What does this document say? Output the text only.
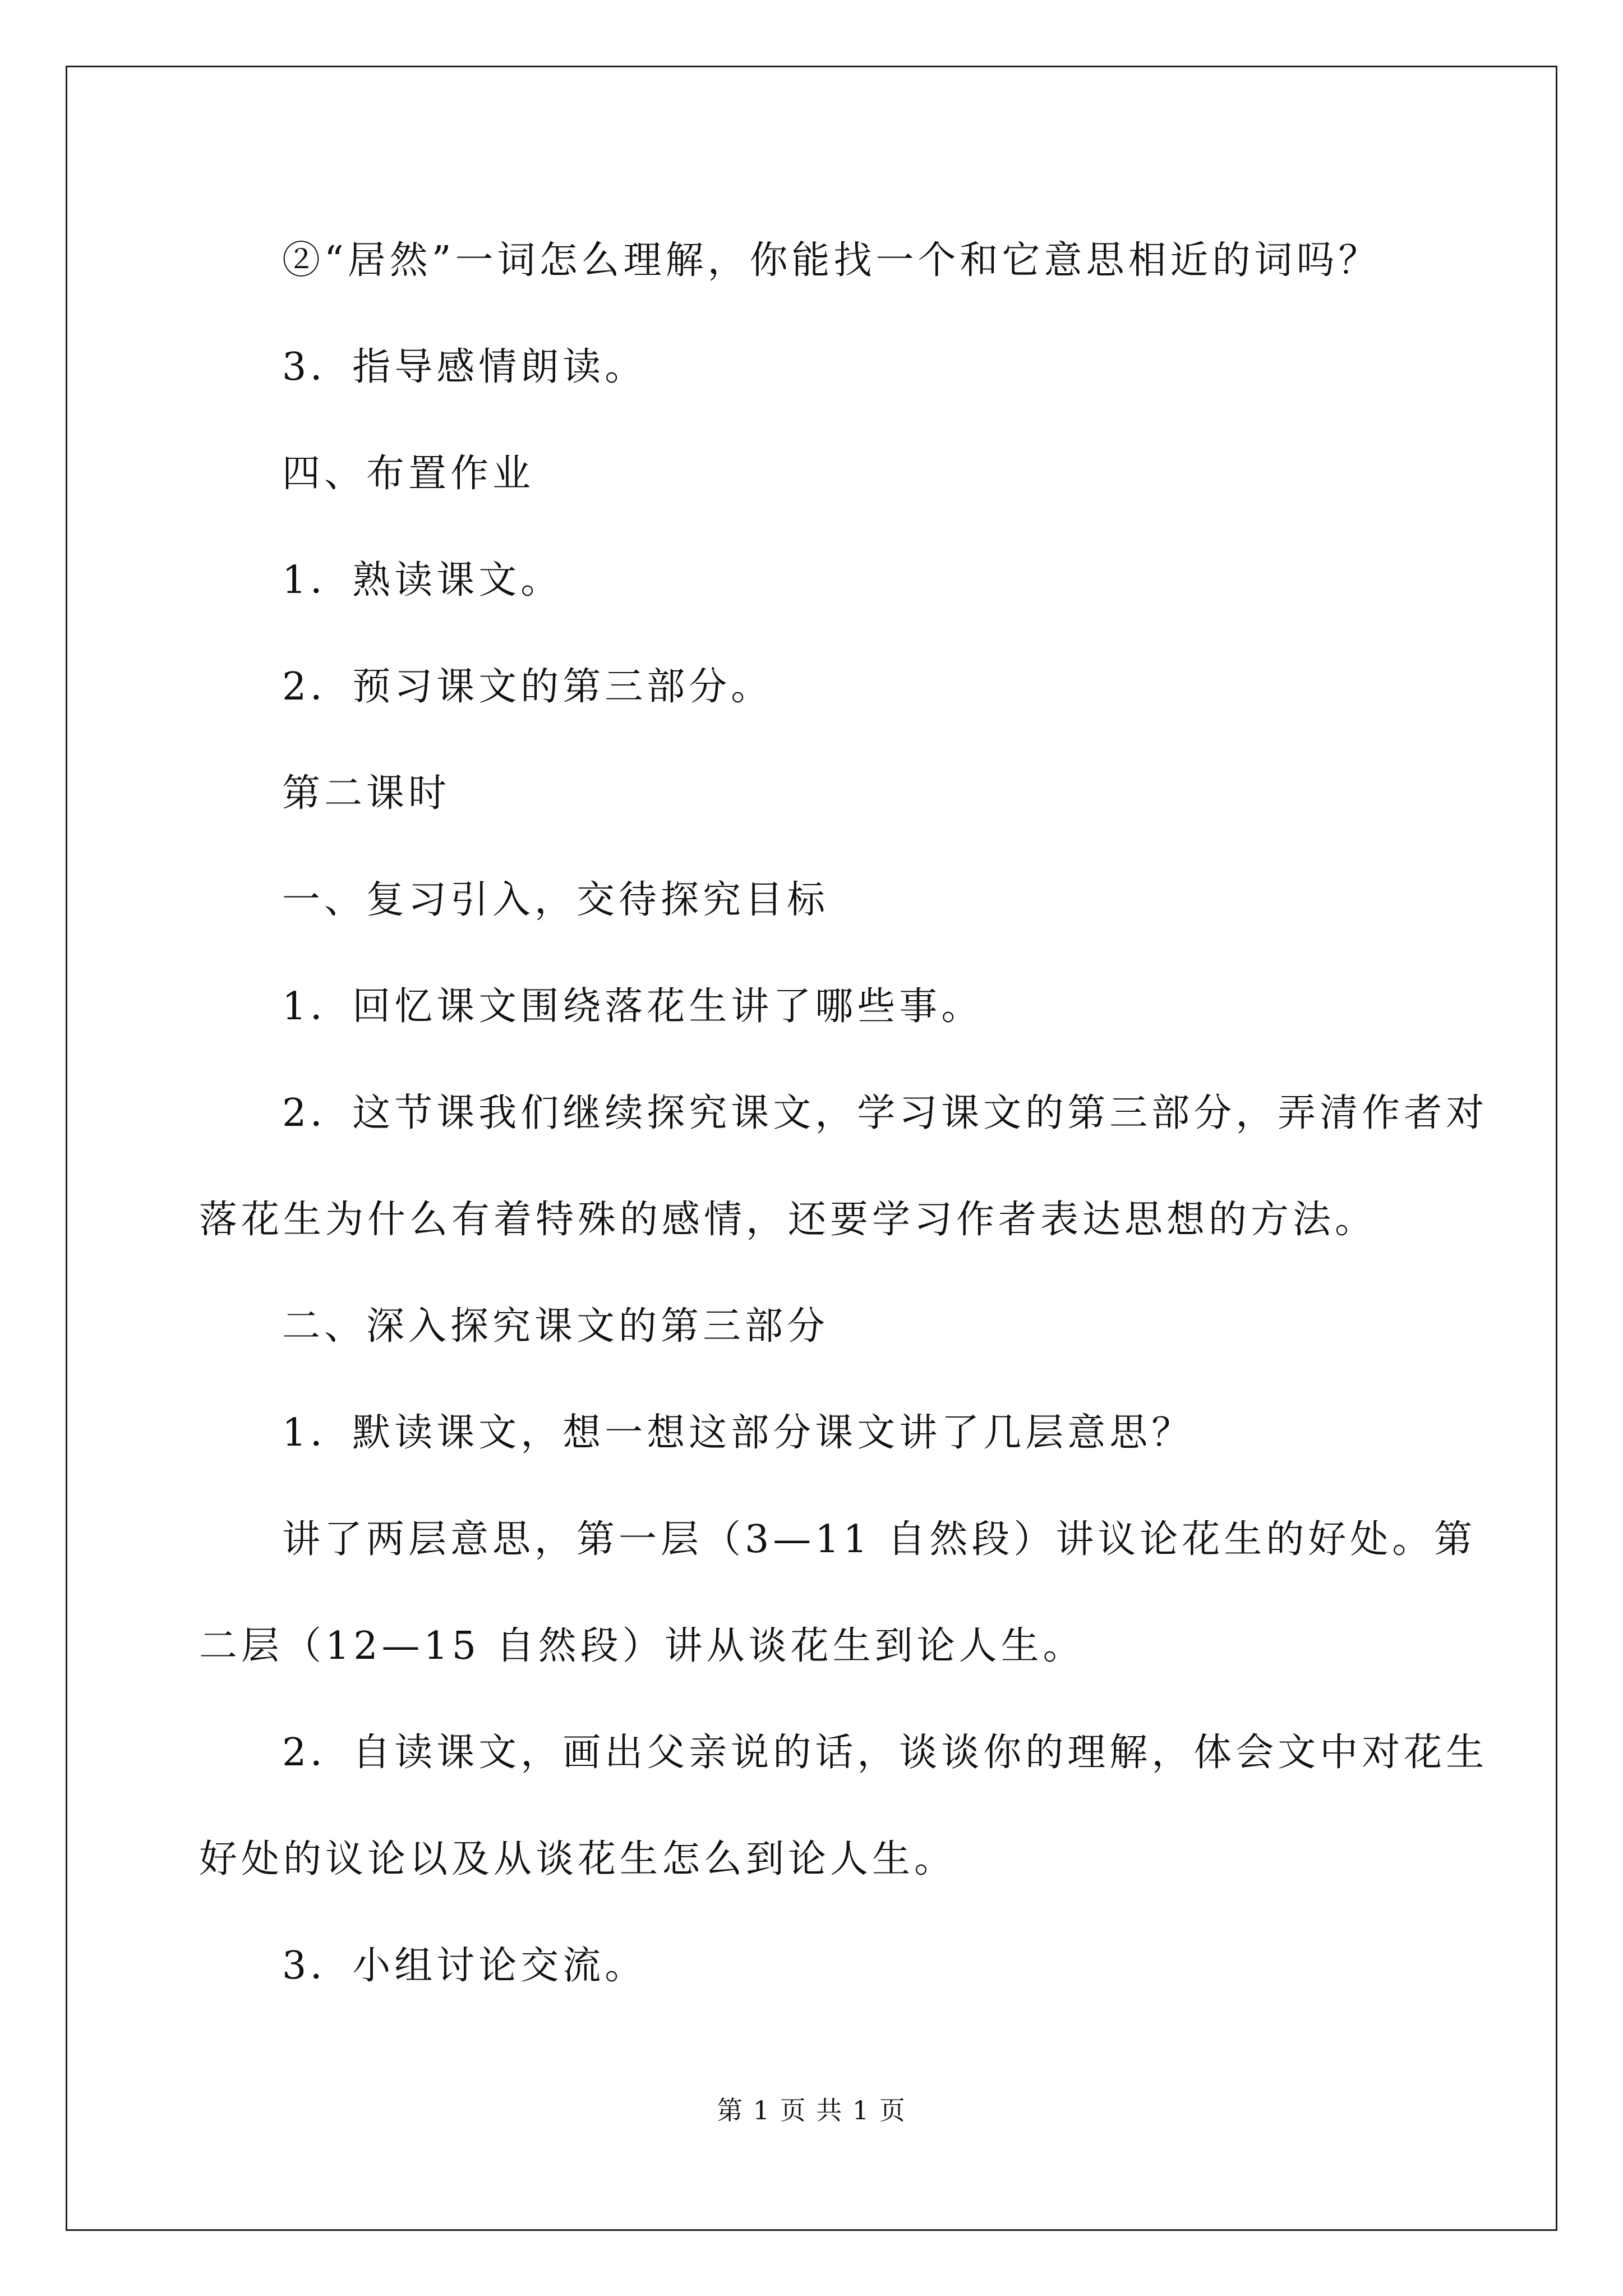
②“居然”一词怎么理解，你能找一个和它意思相近的词吗？

3．指导感情朗读。

四、布置作业

1．熟读课文。

2．预习课文的第三部分。

第二课时

一、复习引入，交待探究目标

1．回忆课文围绕落花生讲了哪些事。

2．这节课我们继续探究课文，学习课文的第三部分，弄清作者对

落花生为什么有着特殊的感情，还要学习作者表达思想的方法。

二、深入探究课文的第三部分

1．默读课文，想一想这部分课文讲了几层意思？

讲了两层意思，第一层（3—11 自然段）讲议论花生的好处。第

二层（12—15 自然段）讲从谈花生到论人生。

2．自读课文，画出父亲说的话，谈谈你的理解，体会文中对花生

好处的议论以及从谈花生怎么到论人生。

3．小组讨论交流。

第 1 页 共 1 页
